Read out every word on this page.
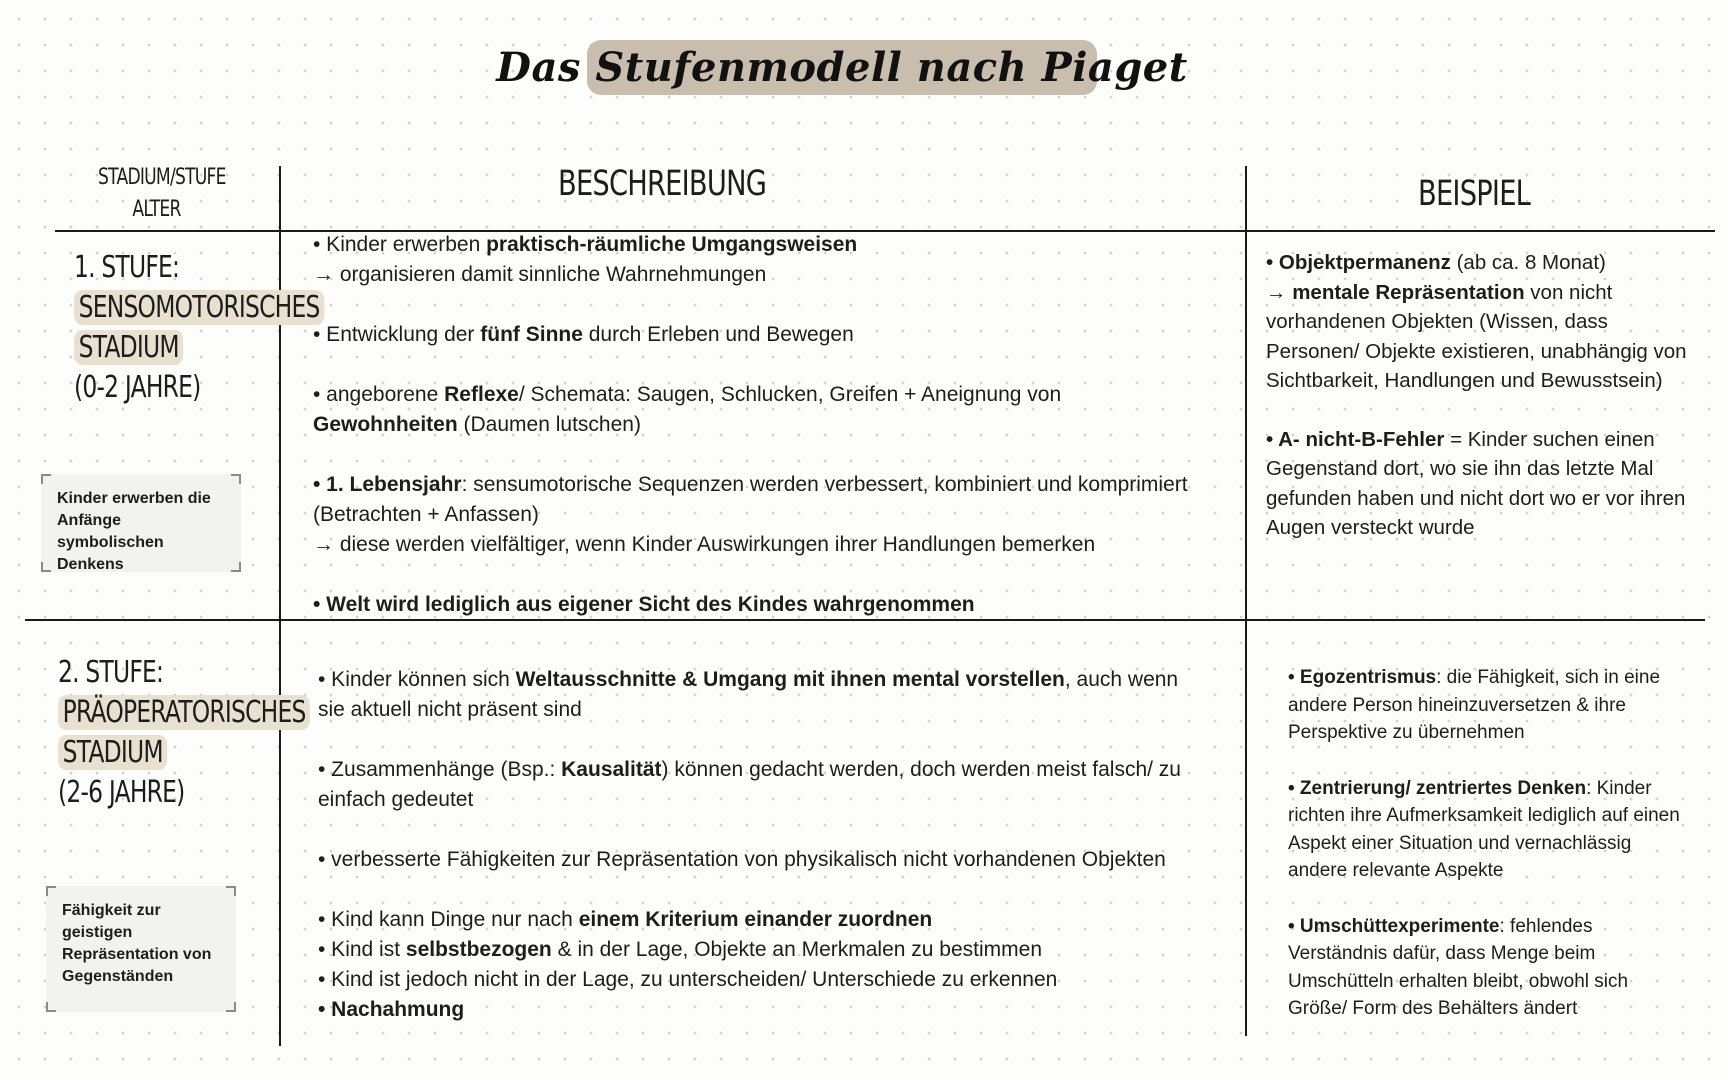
Das Stufenmodell nach Piaget
STADIUM/STUFE
ALTER
BESCHREIBUNG	BEISPIEL
1. STUFE:
SENSOMOTORISCHES
STADIUM
(0-2 JAHRE)
Kinder erwerben die Anfänge symbolischen Denkens

• Kinder erwerben praktisch-räumliche Umgangsweisen

→ organisieren damit sinnliche Wahrnehmungen

• Entwicklung der fünf Sinne durch Erleben und Bewegen

• angeborene Reflexe/ Schemata: Saugen, Schlucken, Greifen + Aneignung von Gewohnheiten (Daumen lutschen)

• 1. Lebensjahr: sensumotorische Sequenzen werden verbessert, kombiniert und komprimiert (Betrachten + Anfassen)

→ diese werden vielfältiger, wenn Kinder Auswirkungen ihrer Handlungen bemerken

• Welt wird lediglich aus eigener Sicht des Kindes wahrgenommen

• Objektpermanenz (ab ca. 8 Monat)

→ mentale Repräsentation von nicht vorhandenen Objekten (Wissen, dass Personen/ Objekte existieren, unabhängig von Sichtbarkeit, Handlungen und Bewusstsein)

• A- nicht-B-Fehler = Kinder suchen einen Gegenstand dort, wo sie ihn das letzte Mal gefunden haben und nicht dort wo er vor ihren Augen versteckt wurde

2. STUFE:
PRÄOPERATORISCHES
STADIUM
(2-6 JAHRE)
Fähigkeit zur geistigen Repräsentation von Gegenständen

• Kinder können sich Weltausschnitte & Umgang mit ihnen mental vorstellen, auch wenn sie aktuell nicht präsent sind

• Zusammenhänge (Bsp.: Kausalität) können gedacht werden, doch werden meist falsch/ zu einfach gedeutet

• verbesserte Fähigkeiten zur Repräsentation von physikalisch nicht vorhandenen Objekten

• Kind kann Dinge nur nach einem Kriterium einander zuordnen

• Kind ist selbstbezogen & in der Lage, Objekte an Merkmalen zu bestimmen

• Kind ist jedoch nicht in der Lage, zu unterscheiden/ Unterschiede zu erkennen

• Nachahmung

• Egozentrismus: die Fähigkeit, sich in eine andere Person hineinzuversetzen & ihre Perspektive zu übernehmen

• Zentrierung/ zentriertes Denken: Kinder richten ihre Aufmerksamkeit lediglich auf einen Aspekt einer Situation und vernachlässig andere relevante Aspekte

• Umschüttexperimente: fehlendes Verständnis dafür, dass Menge beim Umschütteln erhalten bleibt, obwohl sich Größe/ Form des Behälters ändert
